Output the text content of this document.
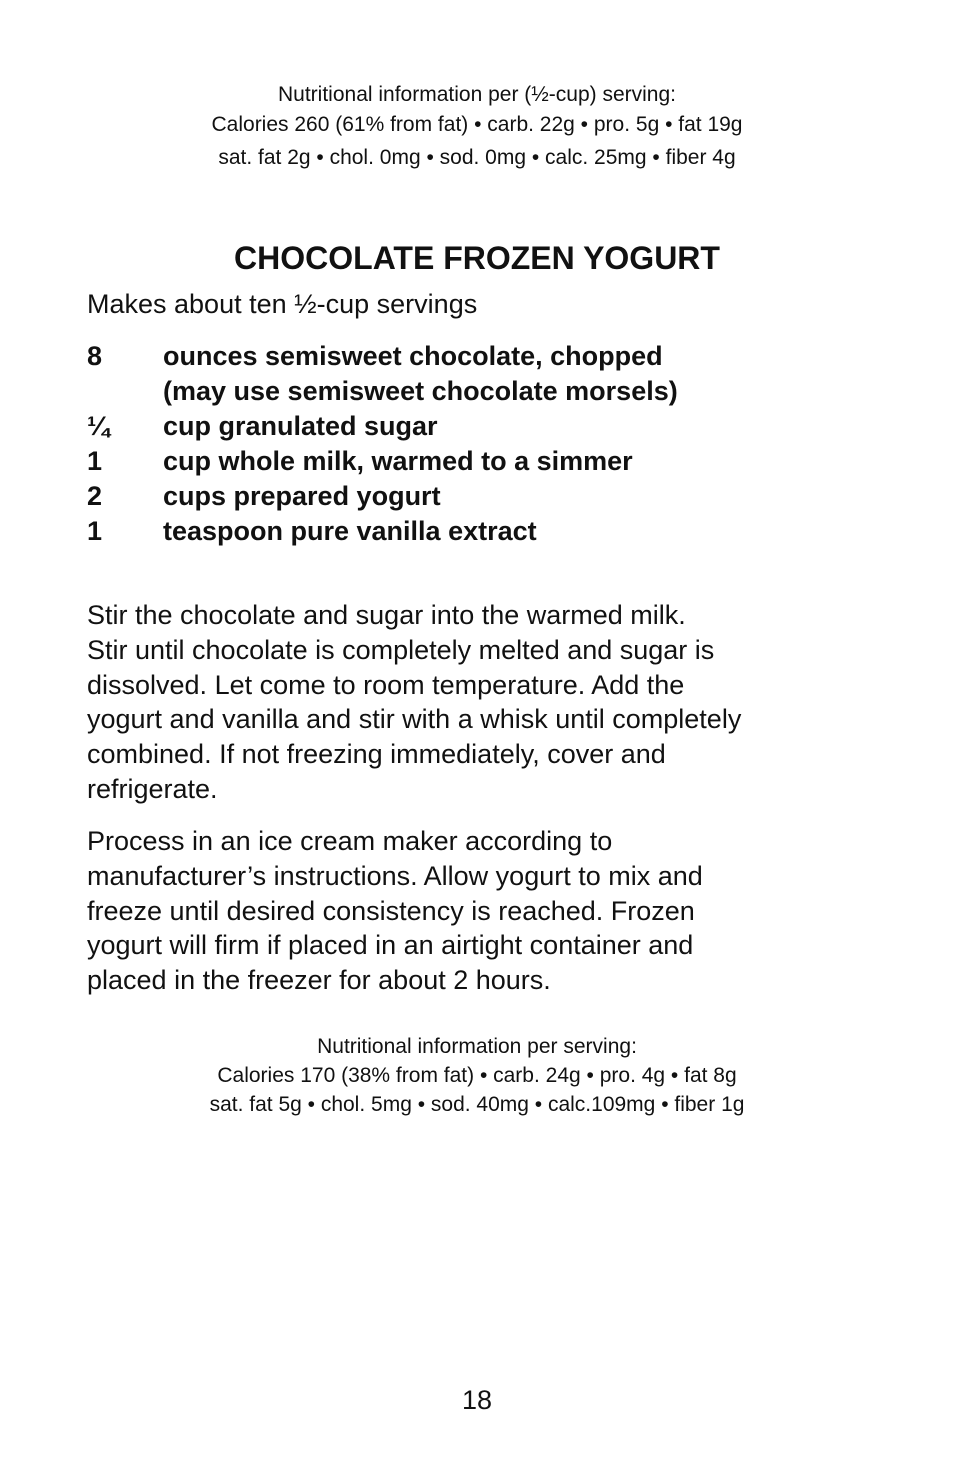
Nutritional information per (½-cup) serving:
Calories 260 (61% from fat) • carb. 22g • pro. 5g • fat 19g
sat. fat 2g • chol. 0mg • sod. 0mg • calc. 25mg • fiber 4g
CHOCOLATE FROZEN YOGURT
Makes about ten ½-cup servings
8	ounces semisweet chocolate, chopped
(may use semisweet chocolate morsels)
¼	cup granulated sugar
1	cup whole milk, warmed to a simmer
2	cups prepared yogurt
1	teaspoon pure vanilla extract

Stir the chocolate and sugar into the warmed milk.
Stir until chocolate is completely melted and sugar is
dissolved. Let come to room temperature. Add the
yogurt and vanilla and stir with a whisk until completely
combined. If not freezing immediately, cover and
refrigerate.

Process in an ice cream maker according to
manufacturer’s instructions. Allow yogurt to mix and
freeze until desired consistency is reached. Frozen
yogurt will firm if placed in an airtight container and
placed in the freezer for about 2 hours.

Nutritional information per serving:
Calories 170 (38% from fat) • carb. 24g • pro. 4g • fat 8g
sat. fat 5g • chol. 5mg • sod. 40mg • calc.109mg • fiber 1g
18
